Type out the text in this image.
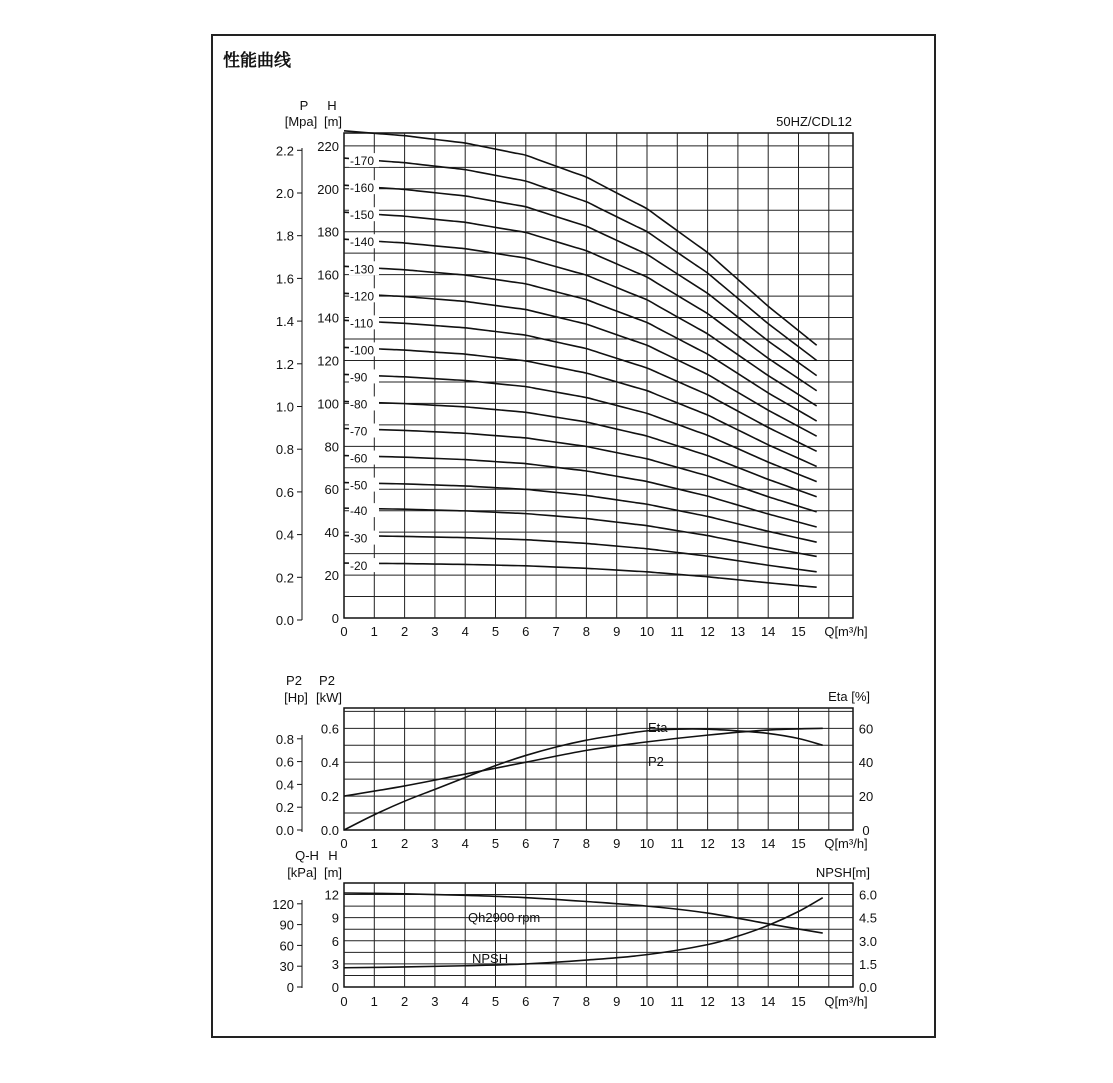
性能曲线
0 1 2 3 4 5 6 7 8 9 10 11 12 13 14 15 Q[m³/h]
0
20
40
60
80
100
120
140
160
180
200
220
0.0
0.2
0.4
0.6
0.8
1.0
1.2
1.4
1.6
1.8
2.0
2.2
P
[Mpa]
H
[m]	50HZ/CDL12
-20
-30
-40
-50
-60
-70
-80
-90
-100
-110
-120
-130
-140
-150
-160
-170
0 1 2 3 4 5 6 7 8 9 10 11 12 13 14 15 Q[m³/h]
0.0
0.2
0.4
0.6
0.0
0.2
0.4
0.6
0.8
0
20
40
60
P2
[Hp]
P2
[kW]	Eta [%]
Eta
P2
0 1 2 3 4 5 6 7 8 9 10 11 12 13 14 15 Q[m³/h]
0
3
6
9
12
0
30
60
90
120
0.0
1.5
3.0
4.5
6.0
Q-H
[kPa]
H
[m]	NPSH[m]
Qh2900 rpm
NPSH
